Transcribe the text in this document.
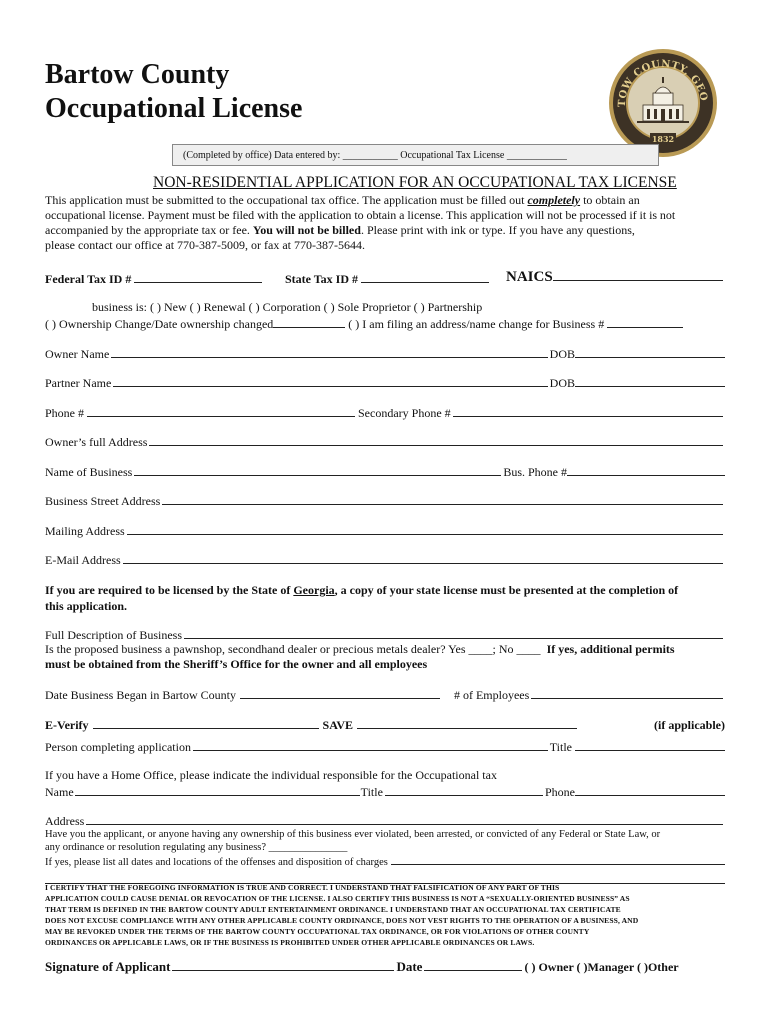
Bartow County
Occupational License	TOW COUNTY, GEO
1832
(Completed by office) Data entered by: ___________ Occupational Tax License ____________
NON-RESIDENTIAL APPLICATION FOR AN OCCUPATIONAL TAX LICENSE
This application must be submitted to the occupational tax office. The application must be filled out completely to obtain an
occupational license. Payment must be filed with the application to obtain a license. This application will not be processed if it is not
accompanied by the appropriate tax or fee. You will not be billed. Please print with ink or type. If you have any questions,
please contact our office at 770-387-5009, or fax at 770-387-5644.
Federal Tax ID #	State Tax ID #	NAICS
business is: ( ) New ( ) Renewal ( ) Corporation ( ) Sole Proprietor ( ) Partnership
( ) Ownership Change/Date ownership changed	( ) I am filing an address/name change for Business #
Owner Name	DOB
Partner Name	DOB
Phone #	Secondary Phone #
Owner’s full Address
Name of Business	Bus. Phone #
Business Street Address
Mailing Address
E-Mail Address
If you are required to be licensed by the State of Georgia, a copy of your state license must be presented at the completion of
this application.
Full Description of Business
Is the proposed business a pawnshop, secondhand dealer or precious metals dealer? Yes ____; No ____ If yes, additional permits
must be obtained from the Sheriff’s Office for the owner and all employees
Date Business Began in Bartow County	# of Employees
E-Verify	SAVE	(if applicable)
Person completing application	Title
If you have a Home Office, please indicate the individual responsible for the Occupational tax
Name	Title	Phone
Address
Have you the applicant, or anyone having any ownership of this business ever violated, been arrested, or convicted of any Federal or State Law, or
any ordinance or resolution regulating any business? _______________
If yes, please list all dates and locations of the offenses and disposition of charges
I CERTIFY THAT THE FOREGOING INFORMATION IS TRUE AND CORRECT. I UNDERSTAND THAT FALSIFICATION OF ANY PART OF THIS
APPLICATION COULD CAUSE DENIAL OR REVOCATION OF THE LICENSE. I ALSO CERTIFY THIS BUSINESS IS NOT A “SEXUALLY-ORIENTED BUSINESS” AS
THAT TERM IS DEFINED IN THE BARTOW COUNTY ADULT ENTERTAINMENT ORDINANCE. I UNDERSTAND THAT AN OCCUPATIONAL TAX CERTIFICATE
DOES NOT EXCUSE COMPLIANCE WITH ANY OTHER APPLICABLE COUNTY ORDINANCE, DOES NOT VEST RIGHTS TO THE OPERATION OF A BUSINESS, AND
MAY BE REVOKED UNDER THE TERMS OF THE BARTOW COUNTY OCCUPATIONAL TAX ORDINANCE, OR FOR VIOLATIONS OF OTHER COUNTY
ORDINANCES OR APPLICABLE LAWS, OR IF THE BUSINESS IS PROHIBITED UNDER OTHER APPLICABLE ORDINANCES OR LAWS.
Signature of Applicant	Date	( ) Owner ( )Manager ( )Other
